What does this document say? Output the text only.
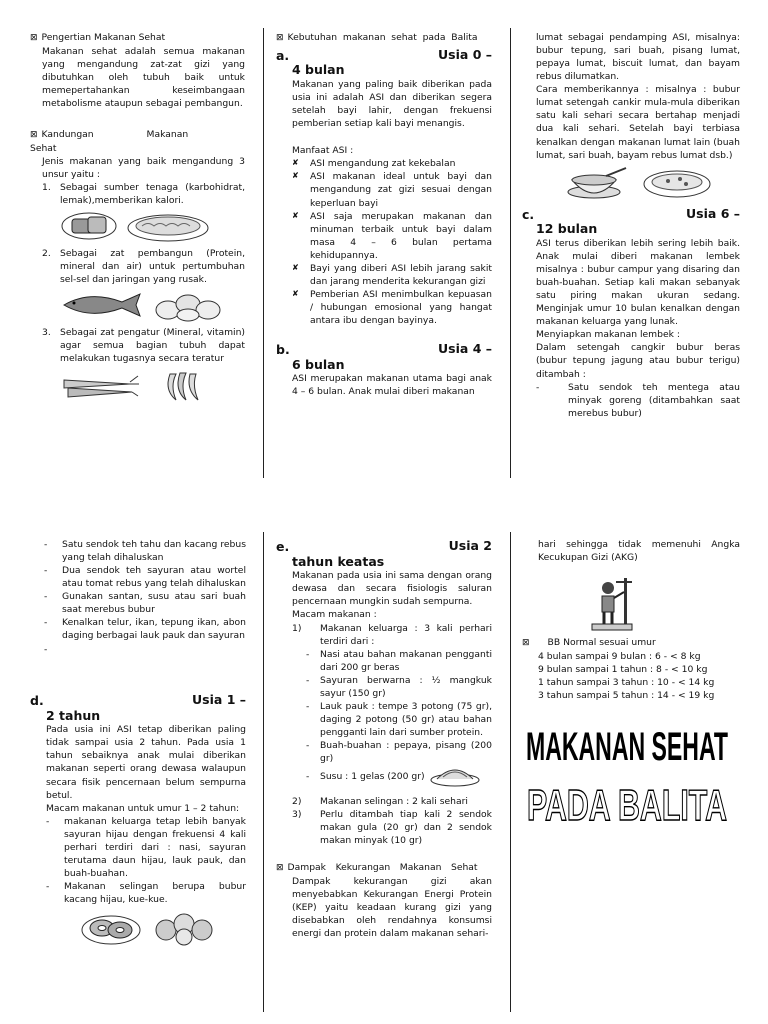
⊠ Pengertian Makanan Sehat

Makanan sehat adalah semua makanan yang mengandung zat-zat gizi yang dibutuhkan oleh tubuh baik untuk memepertahankan keseimbangaan metabolisme ataupun sebagai pembangun.

⊠ Kandungan Makanan Sehat

Jenis makanan yang baik mengandung 3 unsur yaitu :

1.	Sebagai sumber tenaga (karbohidrat, lemak),memberikan kalori.
2.	Sebagai zat pembangun (Protein, mineral dan air) untuk pertumbuhan sel-sel dan jaringan yang rusak.
3.	Sebagai zat pengatur (Mineral, vitamin) agar semua bagian tubuh dapat melakukan tugasnya secara teratur

⊠ Kebutuhan makanan sehat pada Balita

a.	Usia 0 –
4 bulan

Makanan yang paling baik diberikan pada usia ini adalah ASI dan diberikan segera setelah bayi lahir, dengan frekuensi pemberian setiap kali bayi menangis.

Manfaat ASI :

✘	ASI mengandung zat kekebalan
✘	ASI makanan ideal untuk bayi dan mengandung zat gizi sesuai dengan keperluan bayi
✘	ASI saja merupakan makanan dan minuman terbaik untuk bayi dalam masa 4 – 6 bulan pertama kehidupannya.
✘	Bayi yang diberi ASI lebih jarang sakit dan jarang menderita kekurangan gizi
✘	Pemberian ASI menimbulkan kepuasan / hubungan emosional yang hangat antara ibu dengan bayinya.
b.	Usia 4 –
6 bulan

ASI merupakan makanan utama bagi anak 4 – 6 bulan. Anak mulai diberi makanan

lumat sebagai pendamping ASI, misalnya: bubur tepung, sari buah, pisang lumat, pepaya lumat, biscuit lumat, dan bayam rebus dilumatkan.

Cara memberikannya : misalnya : bubur lumat setengah cankir mula-mula diberikan satu kali sehari secara bertahap menjadi dua kali sehari. Setelah bayi terbiasa kenalkan dengan makanan lumat lain (buah lumat, sari buah, bayam rebus lumat dsb.)

c.	Usia 6 –
12 bulan

ASI terus diberikan lebih sering lebih baik. Anak mulai diberi makanan lembek misalnya : bubur campur yang disaring dan buah-buahan. Setiap kali makan sebanyak satu piring makan ukuran sedang. Menginjak umur 10 bulan kenalkan dengan makanan keluarga yang lunak.

Menyiapkan makanan lembek :

Dalam setengah cangkir bubur beras (bubur tepung jagung atau bubur terigu) ditambah :

-	Satu sendok teh mentega atau minyak goreng (ditambahkan saat merebus bubur)
-	Satu sendok teh tahu dan kacang rebus yang telah dihaluskan
-	Dua sendok teh sayuran atau wortel atau tomat rebus yang telah dihaluskan
-	Gunakan santan, susu atau sari buah saat merebus bubur
-	Kenalkan telur, ikan, tepung ikan, abon daging berbagai lauk pauk dan sayuran
-
d.	Usia 1 –
2 tahun

Pada usia ini ASI tetap diberikan paling tidak sampai usia 2 tahun. Pada usia 1 tahun sebaiknya anak mulai diberikan makanan seperti orang dewasa walaupun secara fisik pencernaan belum sempurna betul.

Macam makanan untuk umur 1 – 2 tahun:

-	makanan keluarga tetap lebih banyak sayuran hijau dengan frekuensi 4 kali perhari terdiri dari : nasi, sayuran terutama daun hijau, lauk pauk, dan buah-buahan.
-	Makanan selingan berupa bubur kacang hijau, kue-kue.
e.	Usia 2
tahun keatas

Makanan pada usia ini sama dengan orang dewasa dan secara fisiologis saluran pencernaan mungkin sudah sempurna.

Macam makanan :

1)	Makanan keluarga : 3 kali perhari terdiri dari :
-	Nasi atau bahan makanan pengganti dari 200 gr beras
-	Sayuran berwarna : ½ mangkuk sayur (150 gr)
-	Lauk pauk : tempe 3 potong (75 gr), daging 2 potong (50 gr) atau bahan pengganti lain dari sumber protein.
-	Buah-buahan : pepaya, pisang (200 gr)
-	Susu : 1 gelas (200 gr)
2)	Makanan selingan : 2 kali sehari
3)	Perlu ditambah tiap kali 2 sendok makan gula (20 gr) dan 2 sendok makan minyak (10 gr)

⊠ Dampak Kekurangan Makanan Sehat

Dampak kekurangan gizi akan menyebabkan Kekurangan Energi Protein (KEP) yaitu keadaan kurang gizi yang disebabkan oleh rendahnya konsumsi energi dan protein dalam makanan sehari-

hari sehingga tidak memenuhi Angka Kecukupan Gizi (AKG)

⊠ BB Normal sesuai umur

4 bulan sampai 9 bulan : 6 - < 8 kg

9 bulan sampai 1 tahun : 8 - < 10 kg

1 tahun sampai 3 tahun : 10 - < 14 kg

3 tahun sampai 5 tahun : 14 - < 19 kg

MAKANAN SEHAT
PADA BALITA
